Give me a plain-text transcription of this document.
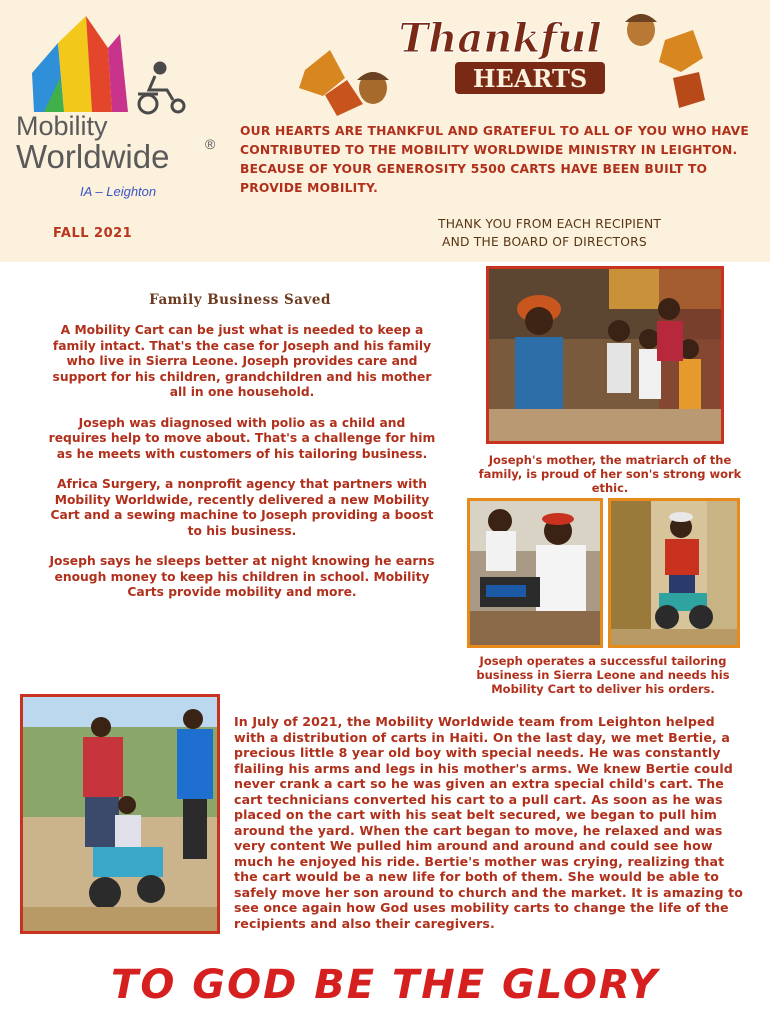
Mobility
Worldwide	®
IA – Leighton
FALL 2021
Thankful
HEARTS
OUR HEARTS ARE THANKFUL AND GRATEFUL TO ALL OF YOU WHO HAVE CONTRIBUTED TO THE MOBILITY WORLDWIDE MINISTRY IN LEIGHTON. BECAUSE OF YOUR GENEROSITY 5500 CARTS HAVE BEEN BUILT TO PROVIDE MOBILITY.
THANK YOU FROM EACH RECIPIENT
AND THE BOARD OF DIRECTORS
Family Business Saved

A Mobility Cart can be just what is needed to keep a family intact. That's the case for Joseph and his family who live in Sierra Leone. Joseph provides care and support for his children, grandchildren and his mother all in one household.

Joseph was diagnosed with polio as a child and requires help to move about. That's a challenge for him as he meets with customers of his tailoring business.

Africa Surgery, a nonprofit agency that partners with Mobility Worldwide, recently delivered a new Mobility Cart and a sewing machine to Joseph providing a boost to his business.

Joseph says he sleeps better at night knowing he earns enough money to keep his children in school. Mobility Carts provide mobility and more.

Joseph's mother, the matriarch of the family, is proud of her son's strong work ethic.
Joseph operates a successful tailoring business in Sierra Leone and needs his Mobility Cart to deliver his orders.
In July of 2021, the Mobility Worldwide team from Leighton helped with a distribution of carts in Haiti. On the last day, we met Bertie, a precious little 8 year old boy with special needs. He was constantly flailing his arms and legs in his mother's arms. We knew Bertie could never crank a cart so he was given an extra special child's cart. The cart technicians converted his cart to a pull cart. As soon as he was placed on the cart with his seat belt secured, we began to pull him around the yard. When the cart began to move, he relaxed and was very content We pulled him around and around and could see how much he enjoyed his ride. Bertie's mother was crying, realizing that the cart would be a new life for both of them. She would be able to safely move her son around to church and the market. It is amazing to see once again how God uses mobility carts to change the life of the recipients and also their caregivers.
TO GOD BE THE GLORY
